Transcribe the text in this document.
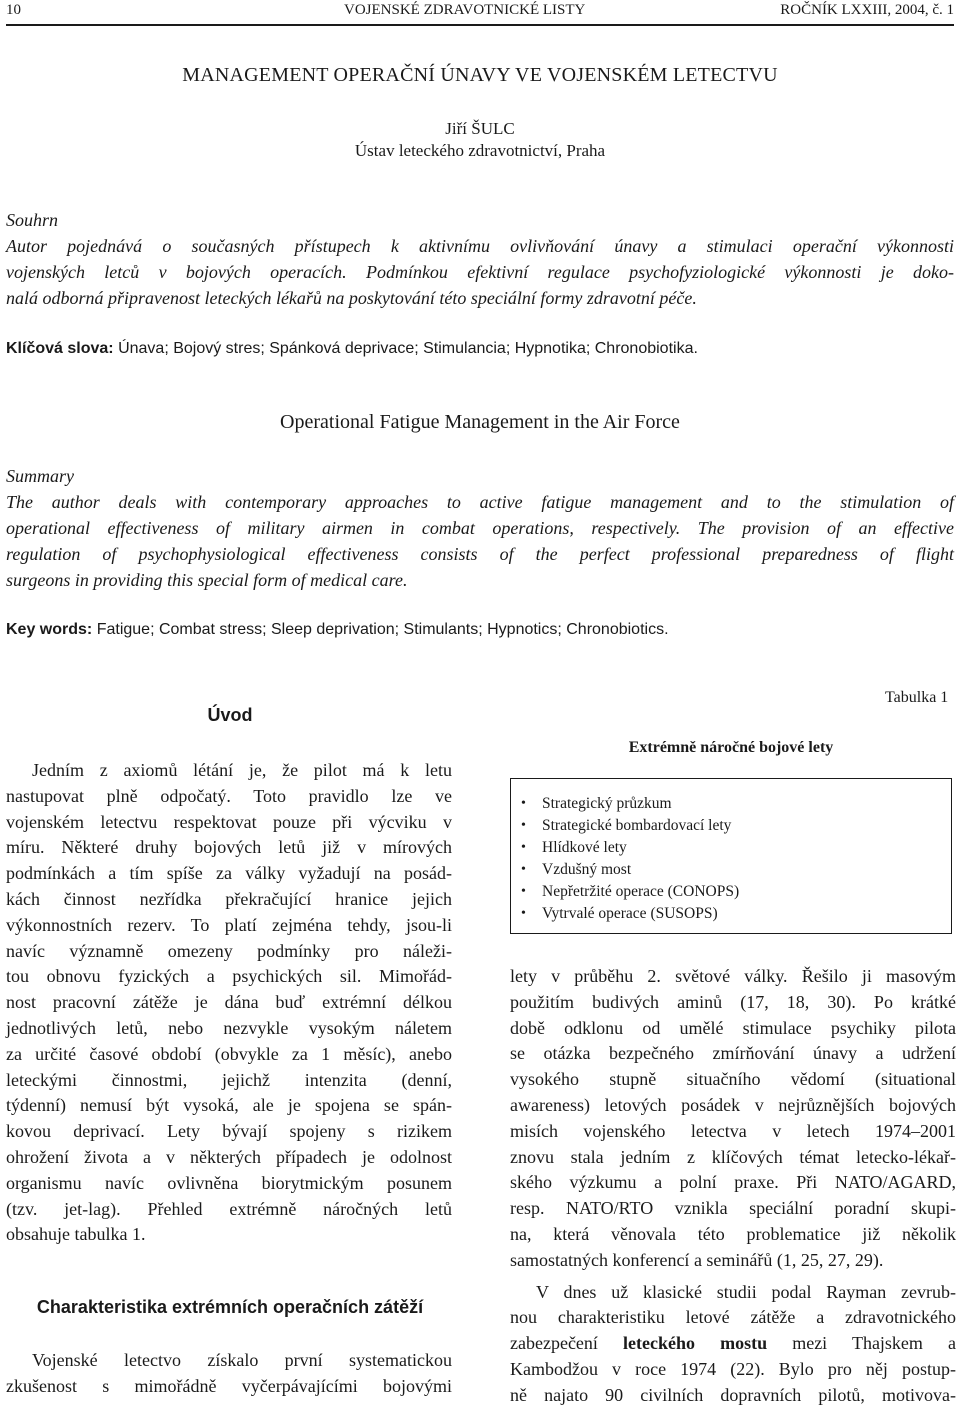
10	VOJENSKÉ ZDRAVOTNICKÉ LISTY	ROČNÍK LXXIII, 2004, č. 1
MANAGEMENT OPERAČNÍ ÚNAVY VE VOJENSKÉM LETECTVU
Jiří ŠULC
Ústav leteckého zdravotnictví, Praha
Souhrn
Autor pojednává o současných přístupech k aktivnímu ovlivňování únavy a stimulaci operační výkonnosti
vojenských letců v bojových operacích. Podmínkou efektivní regulace psychofyziologické výkonnosti je doko-
nalá odborná připravenost leteckých lékařů na poskytování této speciální formy zdravotní péče.
Klíčová slova: Únava; Bojový stres; Spánková deprivace; Stimulancia; Hypnotika; Chronobiotika.
Operational Fatigue Management in the Air Force
Summary
The author deals with contemporary approaches to active fatigue management and to the stimulation of
operational effectiveness of military airmen in combat operations, respectively. The provision of an effective
regulation of psychophysiological effectiveness consists of the perfect professional preparedness of flight
surgeons in providing this special form of medical care.
Key words: Fatigue; Combat stress; Sleep deprivation; Stimulants; Hypnotics; Chronobiotics.
Úvod
Jedním z axiomů létání je, že pilot má k letu
nastupovat plně odpočatý. Toto pravidlo lze ve
vojenském letectvu respektovat pouze při výcviku v
míru. Některé druhy bojových letů již v mírových
podmínkách a tím spíše za války vyžadují na posád-
kách činnost nezřídka překračující hranice jejich
výkonnostních rezerv. To platí zejména tehdy, jsou-li
navíc významně omezeny podmínky pro náleži-
tou obnovu fyzických a psychických sil. Mimořád-
nost pracovní zátěže je dána buď extrémní délkou
jednotlivých letů, nebo nezvykle vysokým náletem
za určité časové období (obvykle za 1 měsíc), anebo
leteckými činnostmi, jejichž intenzita (denní,
týdenní) nemusí být vysoká, ale je spojena se spán-
kovou deprivací. Lety bývají spojeny s rizikem
ohrožení života a v některých případech je odolnost
organismu navíc ovlivněna biorytmickým posunem
(tzv. jet-lag). Přehled extrémně náročných letů
obsahuje tabulka 1.
Charakteristika extrémních operačních zátěží
Vojenské letectvo získalo první systematickou
zkušenost s mimořádně vyčerpávajícími bojovými
Tabulka 1
Extrémně náročné bojové lety
• Strategický průzkum
• Strategické bombardovací lety
• Hlídkové lety
• Vzdušný most
• Nepřetržité operace (CONOPS)
• Vytrvalé operace (SUSOPS)
lety v průběhu 2. světové války. Řešilo ji masovým
použitím budivých aminů (17, 18, 30). Po krátké
době odklonu od umělé stimulace psychiky pilota
se otázka bezpečného zmírňování únavy a udržení
vysokého stupně situačního vědomí (situational
awareness) letových posádek v nejrůznějších bojových
misích vojenského letectva v letech 1974–2001
znovu stala jedním z klíčových témat letecko-lékař-
ského výzkumu a polní praxe. Při NATO/AGARD,
resp. NATO/RTO vznikla speciální poradní skupi-
na, která věnovala této problematice již několik
samostatných konferencí a seminářů (1, 25, 27, 29).
V dnes už klasické studii podal Rayman zevrub-
nou charakteristiku letové zátěže a zdravotnického
zabezpečení leteckého mostu mezi Thajskem a
Kambodžou v roce 1974 (22). Bylo pro něj postup-
ně najato 90 civilních dopravních pilotů, motivova-
